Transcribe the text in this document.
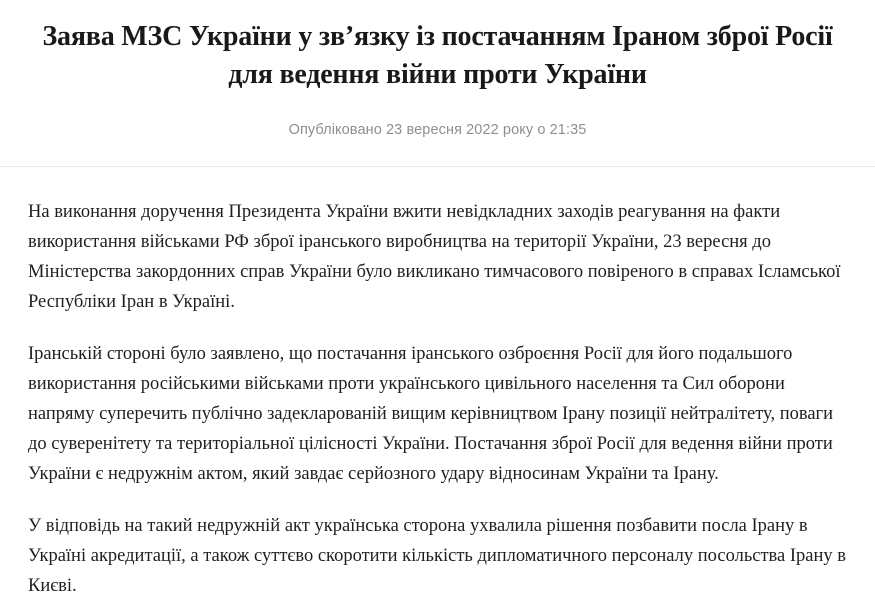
Заява МЗС України у зв’язку із постачанням Іраном зброї Росії для ведення війни проти України
Опубліковано 23 вересня 2022 року о 21:35

На виконання доручення Президента України вжити невідкладних заходів реагування на факти використання військами РФ зброї іранського виробництва на території України, 23 вересня до Міністерства закордонних справ України було викликано тимчасового повіреного в справах Ісламської Республіки Іран в Україні.

Іранській стороні було заявлено, що постачання іранського озброєння Росії для його подальшого використання російськими військами проти українського цивільного населення та Сил оборони напряму суперечить публічно задекларованій вищим керівництвом Ірану позиції нейтралітету, поваги до суверенітету та територіальної цілісності України. Постачання зброї Росії для ведення війни проти України є недружнім актом, який завдає серйозного удару відносинам України та Ірану.

У відповідь на такий недружній акт українська сторона ухвалила рішення позбавити посла Ірану в Україні акредитації, а також суттєво скоротити кількість дипломатичного персоналу посольства Ірану в Києві.
